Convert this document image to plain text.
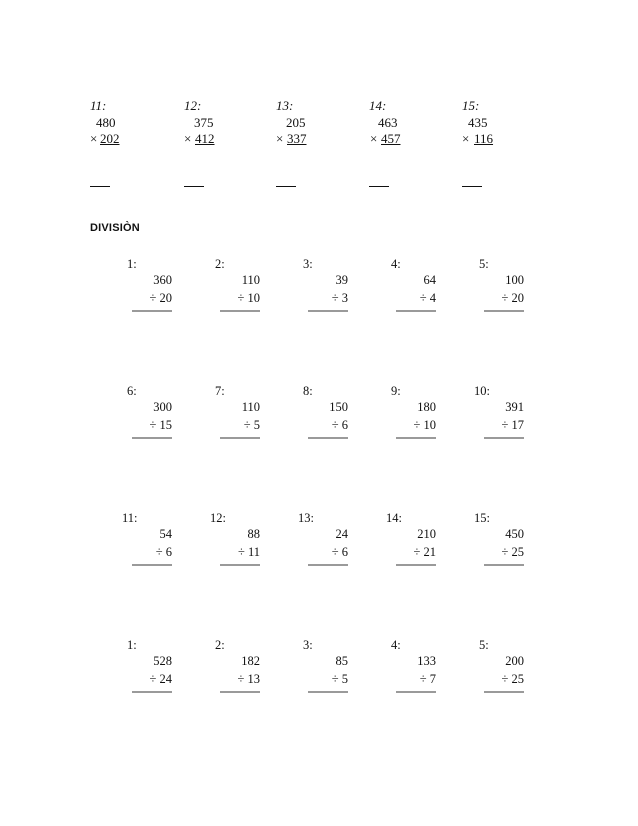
11:
480
× 202
12:
375
× 412
13:
205
× 337
14:
463
× 457
15:
435
× 116
DIVISIÒN
1:
360
÷ 20
2:
110
÷ 10
3:
39
÷ 3
4:
64
÷ 4
5:
100
÷ 20
6:
300
÷ 15
7:
110
÷ 5
8:
150
÷ 6
9:
180
÷ 10
10:
391
÷ 17
11:
54
÷ 6
12:
88
÷ 11
13:
24
÷ 6
14:
210
÷ 21
15:
450
÷ 25
1:
528
÷ 24
2:
182
÷ 13
3:
85
÷ 5
4:
133
÷ 7
5:
200
÷ 25
